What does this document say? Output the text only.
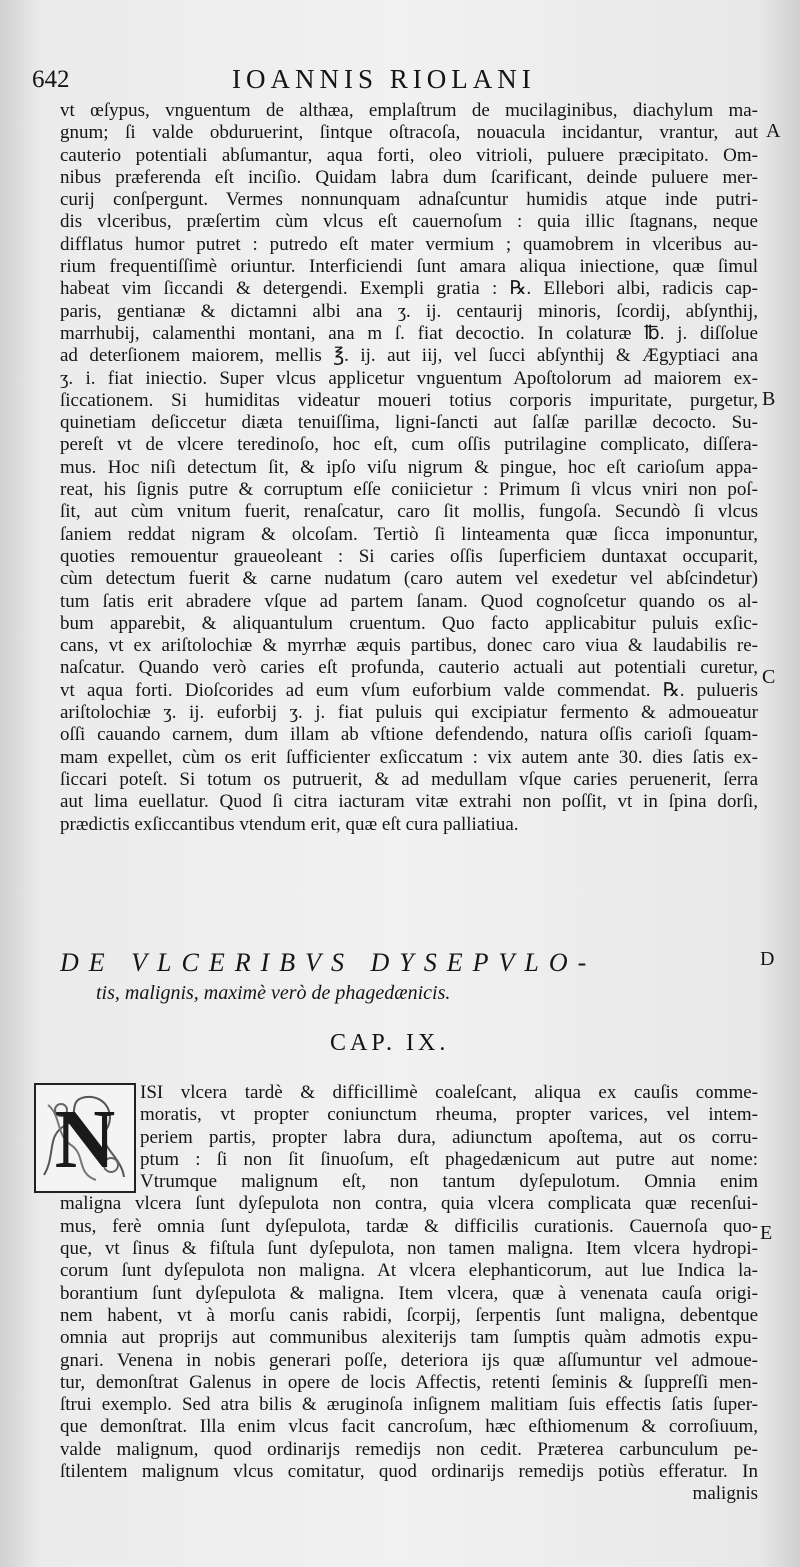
642	IOANNIS RIOLANI
vt œſypus, vnguentum de althæa, emplaſtrum de mucilaginibus, diachylum ma-
gnum; ſi valde obduruerint, ſintque oſtracoſa, nouacula incidantur, vrantur, aut
cauterio potentiali abſumantur, aqua forti, oleo vitrioli, puluere præcipitato. Om-
nibus præferenda eſt inciſio. Quidam labra dum ſcarificant, deinde puluere mer-
curij conſpergunt. Vermes nonnunquam adnaſcuntur humidis atque inde putri-
dis vlceribus, præſertim cùm vlcus eſt cauernoſum : quia illic ſtagnans, neque
difflatus humor putret : putredo eſt mater vermium ; quamobrem in vlceribus au-
rium frequentiſſimè oriuntur. Interficiendi ſunt amara aliqua iniectione, quæ ſimul
habeat vim ſiccandi & detergendi. Exempli gratia : ℞. Ellebori albi, radicis cap-
paris, gentianæ & dictamni albi ana ʒ. ij. centaurij minoris, ſcordij, abſynthij,
marrhubij, calamenthi montani, ana m ſ. fiat decoctio. In colaturæ ℔. j. diſſolue
ad deterſionem maiorem, mellis ℥. ij. aut iij, vel ſucci abſynthij & Ægyptiaci ana
ʒ. i. fiat iniectio. Super vlcus applicetur vnguentum Apoſtolorum ad maiorem ex-
ſiccationem. Si humiditas videatur moueri totius corporis impuritate, purgetur,
quinetiam deſiccetur diæta tenuiſſima, ligni-ſancti aut ſalſæ parillæ decocto. Su-
pereſt vt de vlcere teredinoſo, hoc eſt, cum oſſis putrilagine complicato, diſſera-
mus. Hoc niſi detectum ſit, & ipſo viſu nigrum & pingue, hoc eſt carioſum appa-
reat, his ſignis putre & corruptum eſſe coniicietur : Primum ſi vlcus vniri non poſ-
ſit, aut cùm vnitum fuerit, renaſcatur, caro ſit mollis, fungoſa. Secundò ſi vlcus
ſaniem reddat nigram & olcoſam. Tertiò ſi linteamenta quæ ſicca imponuntur,
quoties remouentur graueoleant : Si caries oſſis ſuperficiem duntaxat occuparit,
cùm detectum fuerit & carne nudatum (caro autem vel exedetur vel abſcindetur)
tum ſatis erit abradere vſque ad partem ſanam. Quod cognoſcetur quando os al-
bum apparebit, & aliquantulum cruentum. Quo facto applicabitur puluis exſic-
cans, vt ex ariſtolochiæ & myrrhæ æquis partibus, donec caro viua & laudabilis re-
naſcatur. Quando verò caries eſt profunda, cauterio actuali aut potentiali curetur,
vt aqua forti. Dioſcorides ad eum vſum euforbium valde commendat. ℞. pulueris
ariſtolochiæ ʒ. ij. euforbij ʒ. j. fiat puluis qui excipiatur fermento & admoueatur
oſſi cauando carnem, dum illam ab vſtione defendendo, natura oſſis carioſi ſquam-
mam expellet, cùm os erit ſufficienter exſiccatum : vix autem ante 30. dies ſatis ex-
ſiccari poteſt. Si totum os putruerit, & ad medullam vſque caries peruenerit, ſerra
aut lima euellatur. Quod ſi citra iacturam vitæ extrahi non poſſit, vt in ſpina dorſi,
prædictis exſiccantibus vtendum erit, quæ eſt cura palliatiua.
A
B
C
D
E
DE VLCERIBVS DYSEPVLO-
tis, malignis, maximè verò de phagedænicis.
CAP. IX.
N
ISI vlcera tardè & difficillimè coaleſcant, aliqua ex cauſis comme-
moratis, vt propter coniunctum rheuma, propter varices, vel intem-
periem partis, propter labra dura, adiunctum apoſtema, aut os corru-
ptum : ſi non ſit ſinuoſum, eſt phagedænicum aut putre aut nome:
Vtrumque malignum eſt, non tantum dyſepulotum. Omnia enim
maligna vlcera ſunt dyſepulota non contra, quia vlcera complicata quæ recenſui-
mus, ferè omnia ſunt dyſepulota, tardæ & difficilis curationis. Cauernoſa quo-
que, vt ſinus & fiſtula ſunt dyſepulota, non tamen maligna. Item vlcera hydropi-
corum ſunt dyſepulota non maligna. At vlcera elephanticorum, aut lue Indica la-
borantium ſunt dyſepulota & maligna. Item vlcera, quæ à venenata cauſa origi-
nem habent, vt à morſu canis rabidi, ſcorpij, ſerpentis ſunt maligna, debentque
omnia aut proprijs aut communibus alexiterijs tam ſumptis quàm admotis expu-
gnari. Venena in nobis generari poſſe, deteriora ijs quæ aſſumuntur vel admoue-
tur, demonſtrat Galenus in opere de locis Affectis, retenti ſeminis & ſuppreſſi men-
ſtrui exemplo. Sed atra bilis & æruginoſa inſignem malitiam ſuis effectis ſatis ſuper-
que demonſtrat. Illa enim vlcus facit cancroſum, hæc eſthiomenum & corroſiuum,
valde malignum, quod ordinarijs remedijs non cedit. Præterea carbunculum pe-
ſtilentem malignum vlcus comitatur, quod ordinarijs remedijs potiùs efferatur. In
malignis
